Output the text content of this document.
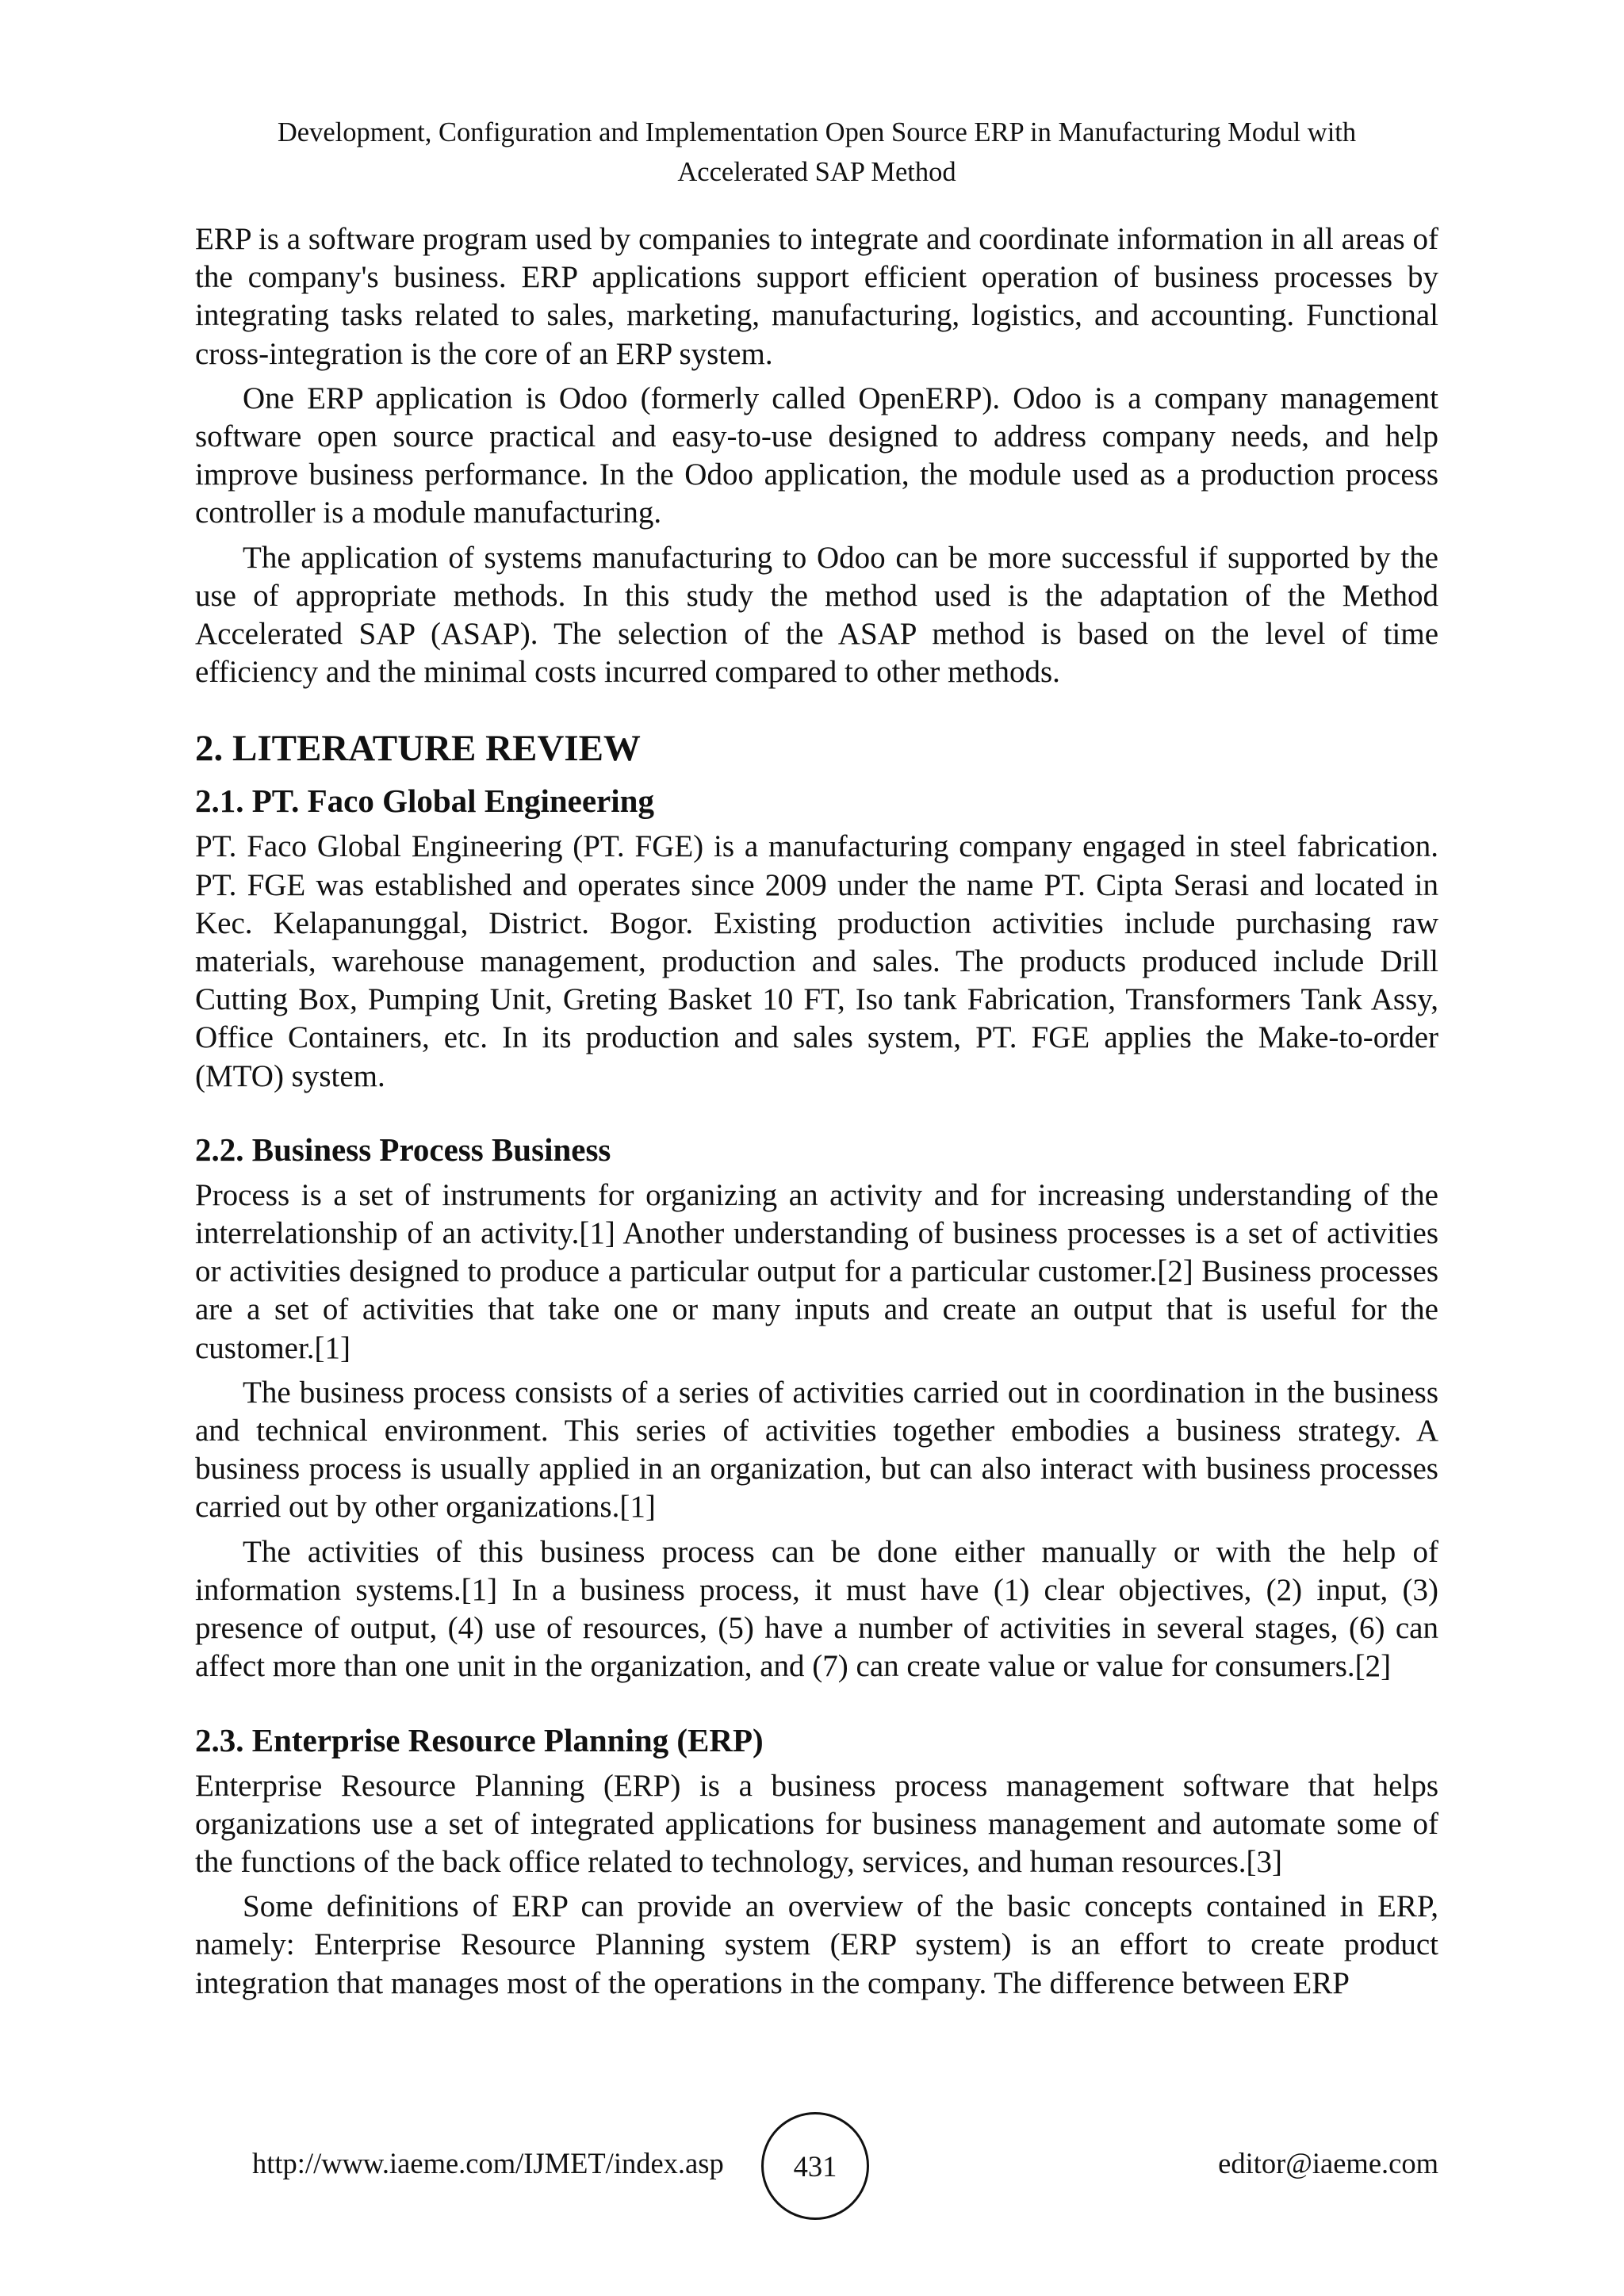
Development, Configuration and Implementation Open Source ERP in Manufacturing Modul with
Accelerated SAP Method

ERP is a software program used by companies to integrate and coordinate information in all areas of the company's business. ERP applications support efficient operation of business processes by integrating tasks related to sales, marketing, manufacturing, logistics, and accounting. Functional cross-integration is the core of an ERP system.

One ERP application is Odoo (formerly called OpenERP). Odoo is a company management software open source practical and easy-to-use designed to address company needs, and help improve business performance. In the Odoo application, the module used as a production process controller is a module manufacturing.

The application of systems manufacturing to Odoo can be more successful if supported by the use of appropriate methods. In this study the method used is the adaptation of the Method Accelerated SAP (ASAP). The selection of the ASAP method is based on the level of time efficiency and the minimal costs incurred compared to other methods.

2. LITERATURE REVIEW
2.1. PT. Faco Global Engineering

PT. Faco Global Engineering (PT. FGE) is a manufacturing company engaged in steel fabrication. PT. FGE was established and operates since 2009 under the name PT. Cipta Serasi and located in Kec. Kelapanunggal, District. Bogor. Existing production activities include purchasing raw materials, warehouse management, production and sales. The products produced include Drill Cutting Box, Pumping Unit, Greting Basket 10 FT, Iso tank Fabrication, Transformers Tank Assy, Office Containers, etc. In its production and sales system, PT. FGE applies the Make-to-order (MTO) system.

2.2. Business Process Business

Process is a set of instruments for organizing an activity and for increasing understanding of the interrelationship of an activity.[1] Another understanding of business processes is a set of activities or activities designed to produce a particular output for a particular customer.[2] Business processes are a set of activities that take one or many inputs and create an output that is useful for the customer.[1]

The business process consists of a series of activities carried out in coordination in the business and technical environment. This series of activities together embodies a business strategy. A business process is usually applied in an organization, but can also interact with business processes carried out by other organizations.[1]

The activities of this business process can be done either manually or with the help of information systems.[1] In a business process, it must have (1) clear objectives, (2) input, (3) presence of output, (4) use of resources, (5) have a number of activities in several stages, (6) can affect more than one unit in the organization, and (7) can create value or value for consumers.[2]

2.3. Enterprise Resource Planning (ERP)

Enterprise Resource Planning (ERP) is a business process management software that helps organizations use a set of integrated applications for business management and automate some of the functions of the back office related to technology, services, and human resources.[3]

Some definitions of ERP can provide an overview of the basic concepts contained in ERP, namely: Enterprise Resource Planning system (ERP system) is an effort to create product integration that manages most of the operations in the company. The difference between ERP

http://www.iaeme.com/IJMET/index.asp 431	editor@iaeme.com
